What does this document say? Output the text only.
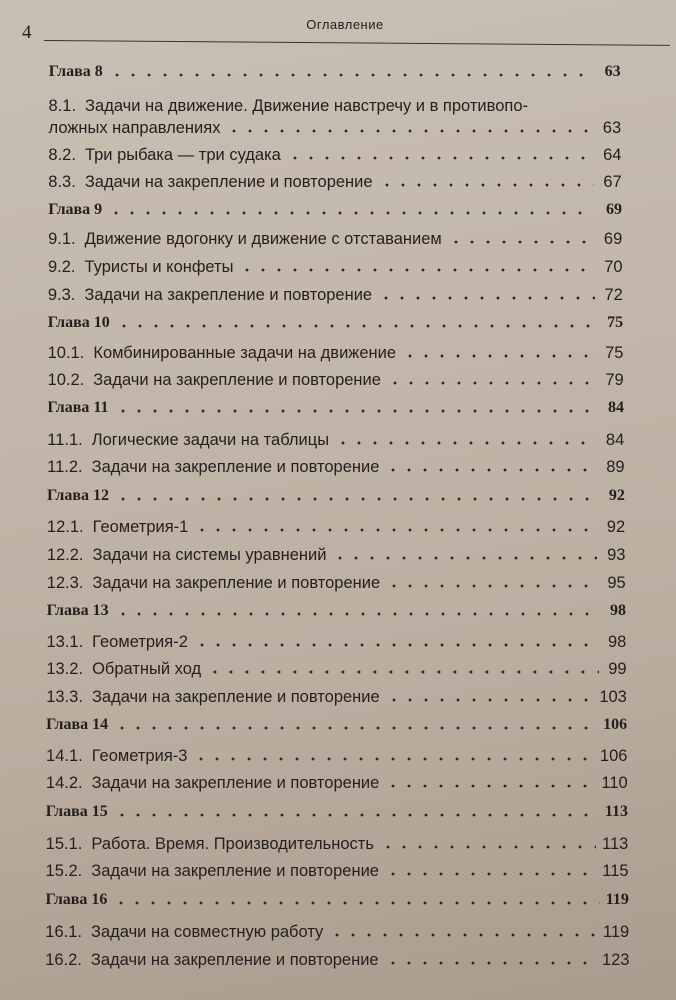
4	Оглавление
Глава 8	63
8.1. Задачи на движение. Движение навстречу и в противопо-
ложных направлениях	63
8.2. Три рыбака — три судака	64
8.3. Задачи на закрепление и повторение	67
Глава 9	69
9.1. Движение вдогонку и движение с отставанием	69
9.2. Туристы и конфеты	70
9.3. Задачи на закрепление и повторение	72
Глава 10	75
10.1. Комбинированные задачи на движение	75
10.2. Задачи на закрепление и повторение	79
Глава 11	84
11.1. Логические задачи на таблицы	84
11.2. Задачи на закрепление и повторение	89
Глава 12	92
12.1. Геометрия-1	92
12.2. Задачи на системы уравнений	93
12.3. Задачи на закрепление и повторение	95
Глава 13	98
13.1. Геометрия-2	98
13.2. Обратный ход	99
13.3. Задачи на закрепление и повторение	103
Глава 14	106
14.1. Геометрия-3	106
14.2. Задачи на закрепление и повторение	110
Глава 15	113
15.1. Работа. Время. Производительность	113
15.2. Задачи на закрепление и повторение	115
Глава 16	119
16.1. Задачи на совместную работу	119
16.2. Задачи на закрепление и повторение	123
